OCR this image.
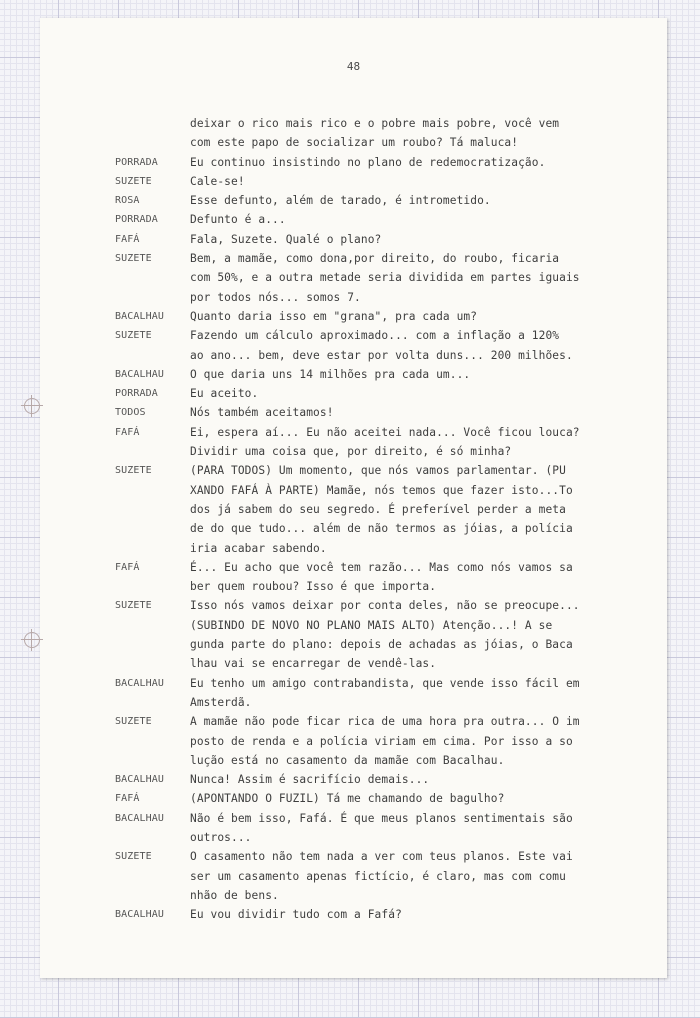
48
deixar o rico mais rico e o pobre mais pobre, você vem
com este papo de socializar um roubo? Tá maluca!
PORRADA	Eu continuo insistindo no plano de redemocratização.
SUZETE	Cale-se!
ROSA	Esse defunto, além de tarado, é intrometido.
PORRADA	Defunto é a...
FAFÁ	Fala, Suzete. Qualé o plano?
SUZETE	Bem, a mamãe, como dona,por direito, do roubo, ficaria
com 50%, e a outra metade seria dividida em partes iguais
por todos nós... somos 7.
BACALHAU	Quanto daria isso em "grana", pra cada um?
SUZETE	Fazendo um cálculo aproximado... com a inflação a 120%
ao ano... bem, deve estar por volta duns... 200 milhões.
BACALHAU	O que daria uns 14 milhões pra cada um...
PORRADA	Eu aceito.
TODOS	Nós também aceitamos!
FAFÁ	Ei, espera aí... Eu não aceitei nada... Você ficou louca?
Dividir uma coisa que, por direito, é só minha?
SUZETE	(PARA TODOS) Um momento, que nós vamos parlamentar. (PU
XANDO FAFÁ À PARTE) Mamãe, nós temos que fazer isto...To
dos já sabem do seu segredo. É preferível perder a meta
de do que tudo... além de não termos as jóias, a polícia
iria acabar sabendo.
FAFÁ	É... Eu acho que você tem razão... Mas como nós vamos sa
ber quem roubou? Isso é que importa.
SUZETE	Isso nós vamos deixar por conta deles, não se preocupe...
(SUBINDO DE NOVO NO PLANO MAIS ALTO) Atenção...! A se
gunda parte do plano: depois de achadas as jóias, o Baca
lhau vai se encarregar de vendê-las.
BACALHAU	Eu tenho um amigo contrabandista, que vende isso fácil em
Amsterdã.
SUZETE	A mamãe não pode ficar rica de uma hora pra outra... O im
posto de renda e a polícia viriam em cima. Por isso a so
lução está no casamento da mamãe com Bacalhau.
BACALHAU	Nunca! Assim é sacrifício demais...
FAFÁ	(APONTANDO O FUZIL) Tá me chamando de bagulho?
BACALHAU	Não é bem isso, Fafá. É que meus planos sentimentais são
outros...
SUZETE	O casamento não tem nada a ver com teus planos. Este vai
ser um casamento apenas fictício, é claro, mas com comu
nhão de bens.
BACALHAU	Eu vou dividir tudo com a Fafá?
